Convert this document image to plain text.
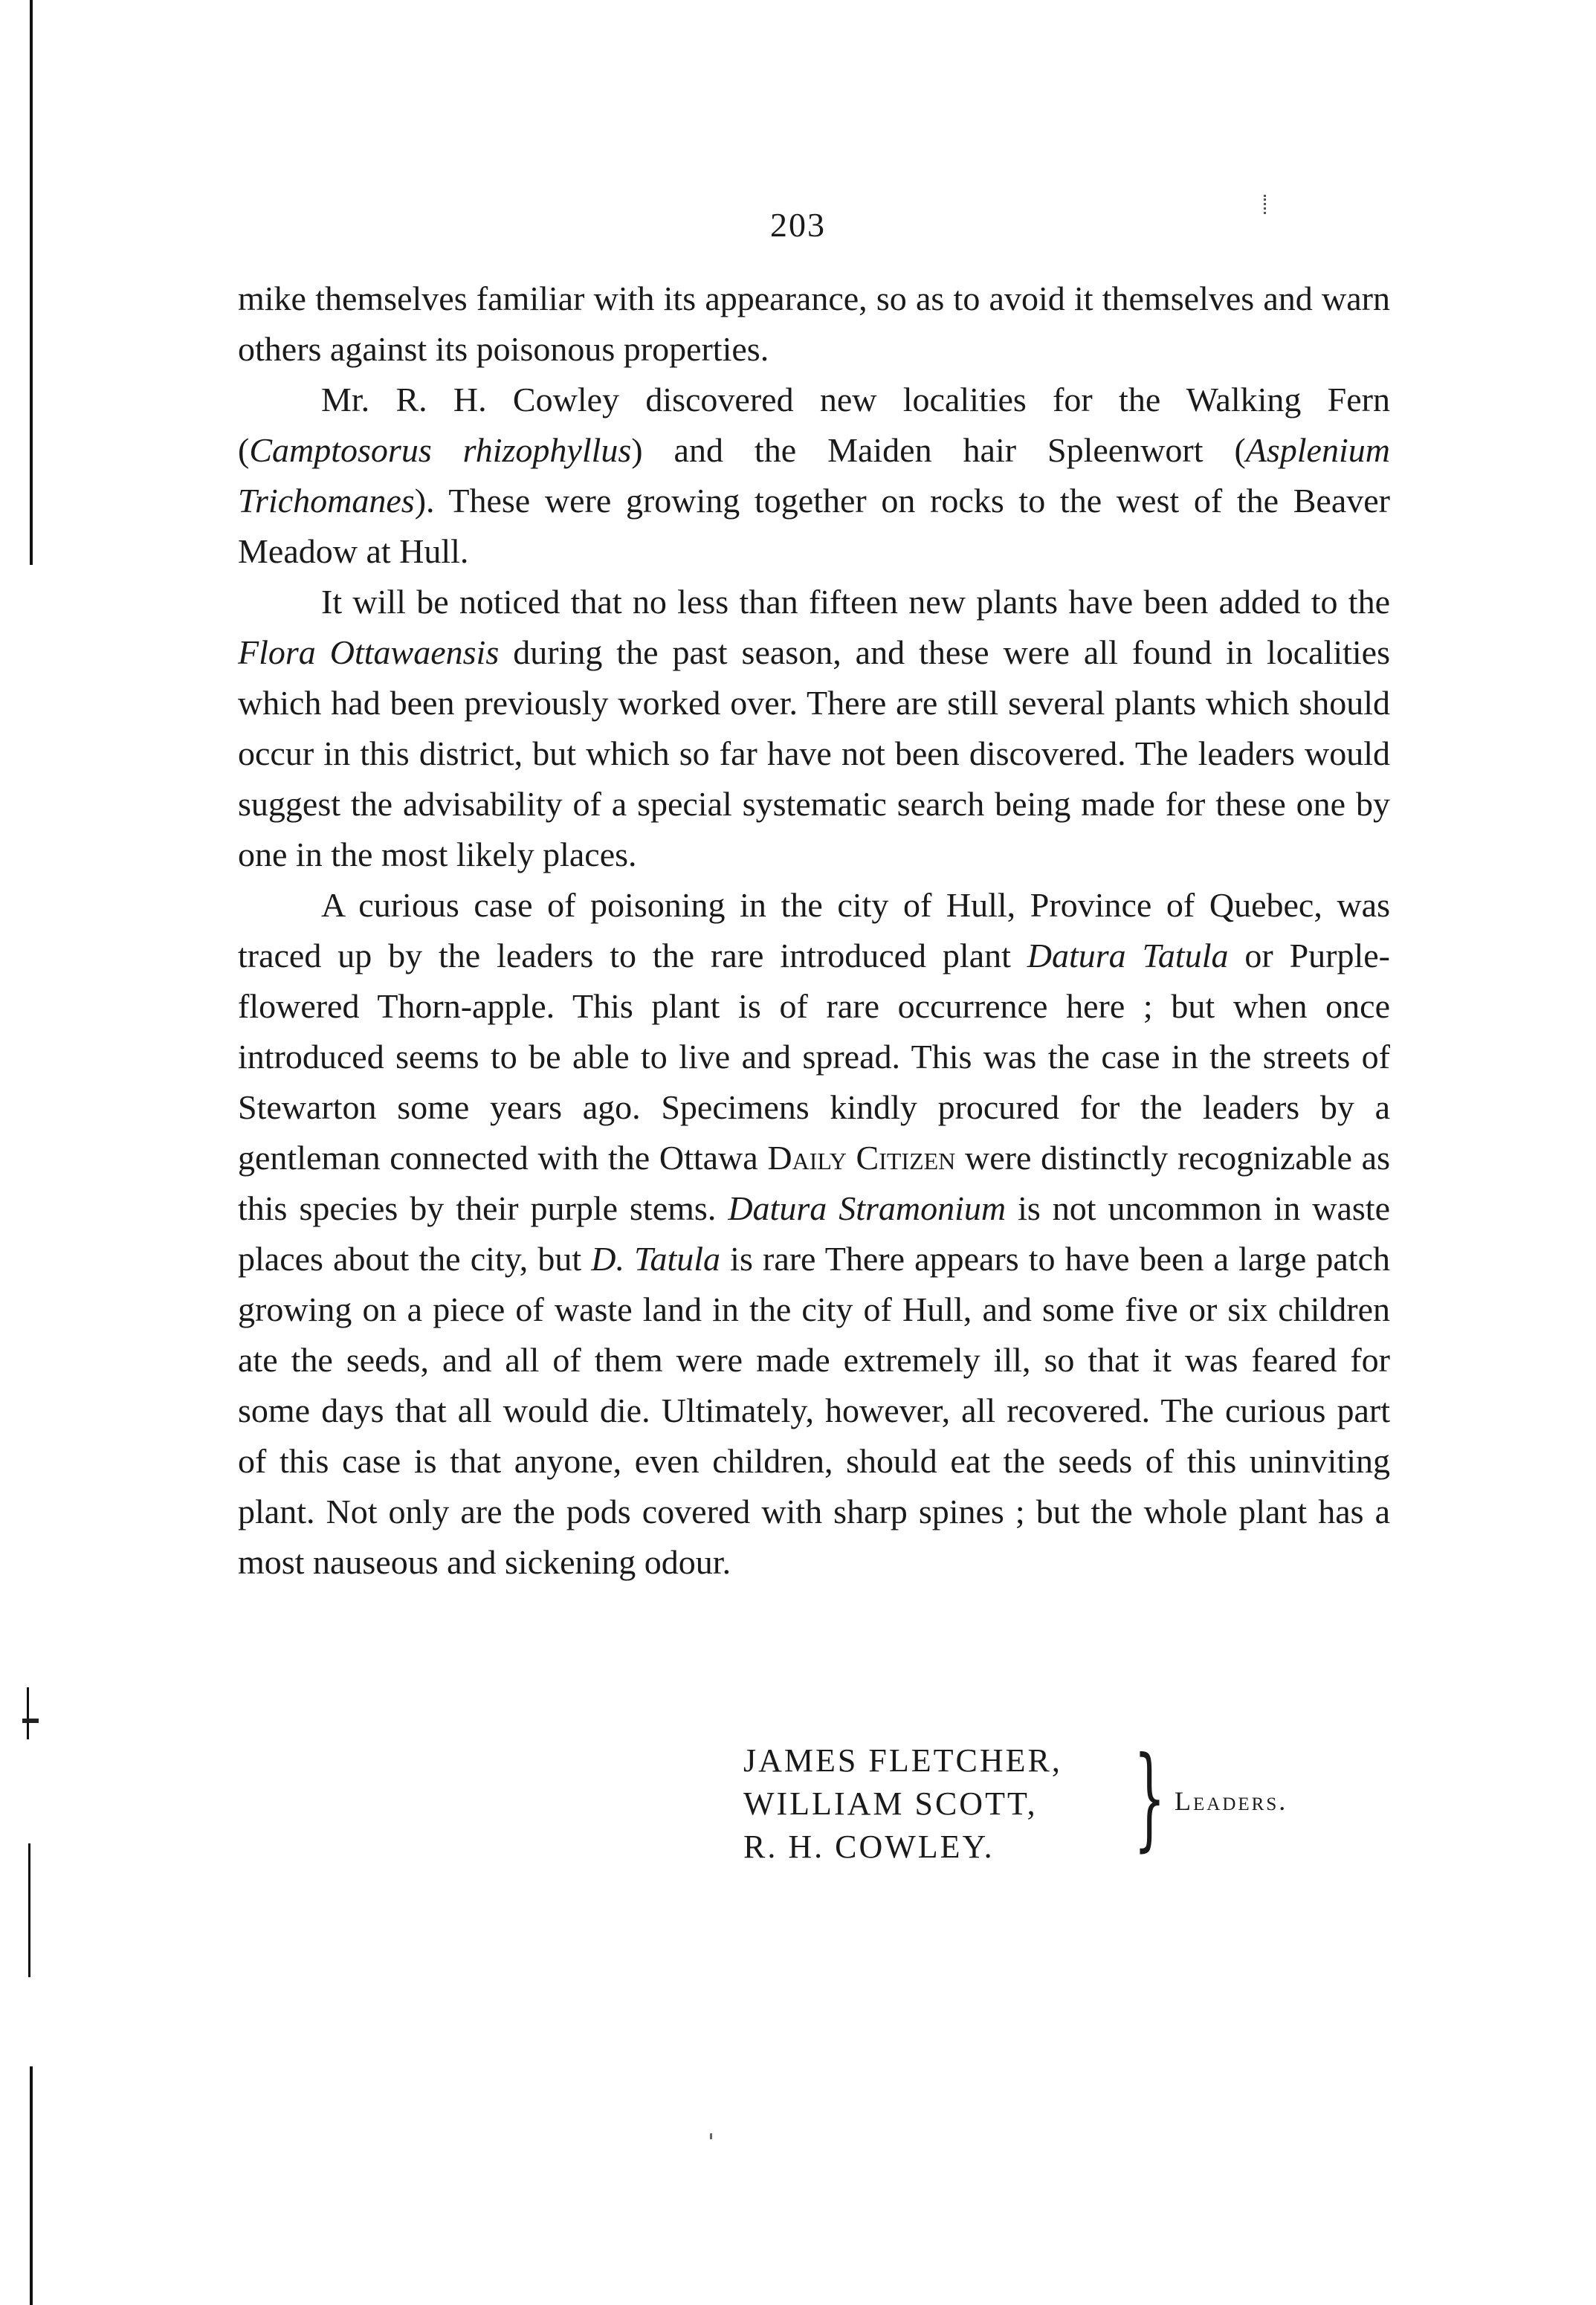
203

mike themselves familiar with its appearance, so as to avoid it themselves and warn others against its poisonous properties.

Mr. R. H. Cowley discovered new localities for the Walking Fern (Camptosorus rhizophyllus) and the Maiden hair Spleenwort (Asplenium Trichomanes). These were growing together on rocks to the west of the Beaver Meadow at Hull.

It will be noticed that no less than fifteen new plants have been added to the Flora Ottawaensis during the past season, and these were all found in localities which had been previously worked over. There are still several plants which should occur in this district, but which so far have not been discovered. The leaders would suggest the advisability of a special systematic search being made for these one by one in the most likely places.

A curious case of poisoning in the city of Hull, Province of Quebec, was traced up by the leaders to the rare introduced plant Datura Tatula or Purple-flowered Thorn-apple. This plant is of rare occurrence here ; but when once introduced seems to be able to live and spread. This was the case in the streets of Stewarton some years ago. Specimens kindly procured for the leaders by a gentleman connected with the Ottawa Daily Citizen were distinctly recognizable as this species by their purple stems. Datura Stramonium is not uncommon in waste places about the city, but D. Tatula is rare There appears to have been a large patch growing on a piece of waste land in the city of Hull, and some five or six children ate the seeds, and all of them were made extremely ill, so that it was feared for some days that all would die. Ultimately, however, all recovered. The curious part of this case is that anyone, even children, should eat the seeds of this uninviting plant. Not only are the pods covered with sharp spines ; but the whole plant has a most nauseous and sickening odour.

JAMES FLETCHER,
WILLIAM SCOTT,
R. H. COWLEY.	} Leaders.
